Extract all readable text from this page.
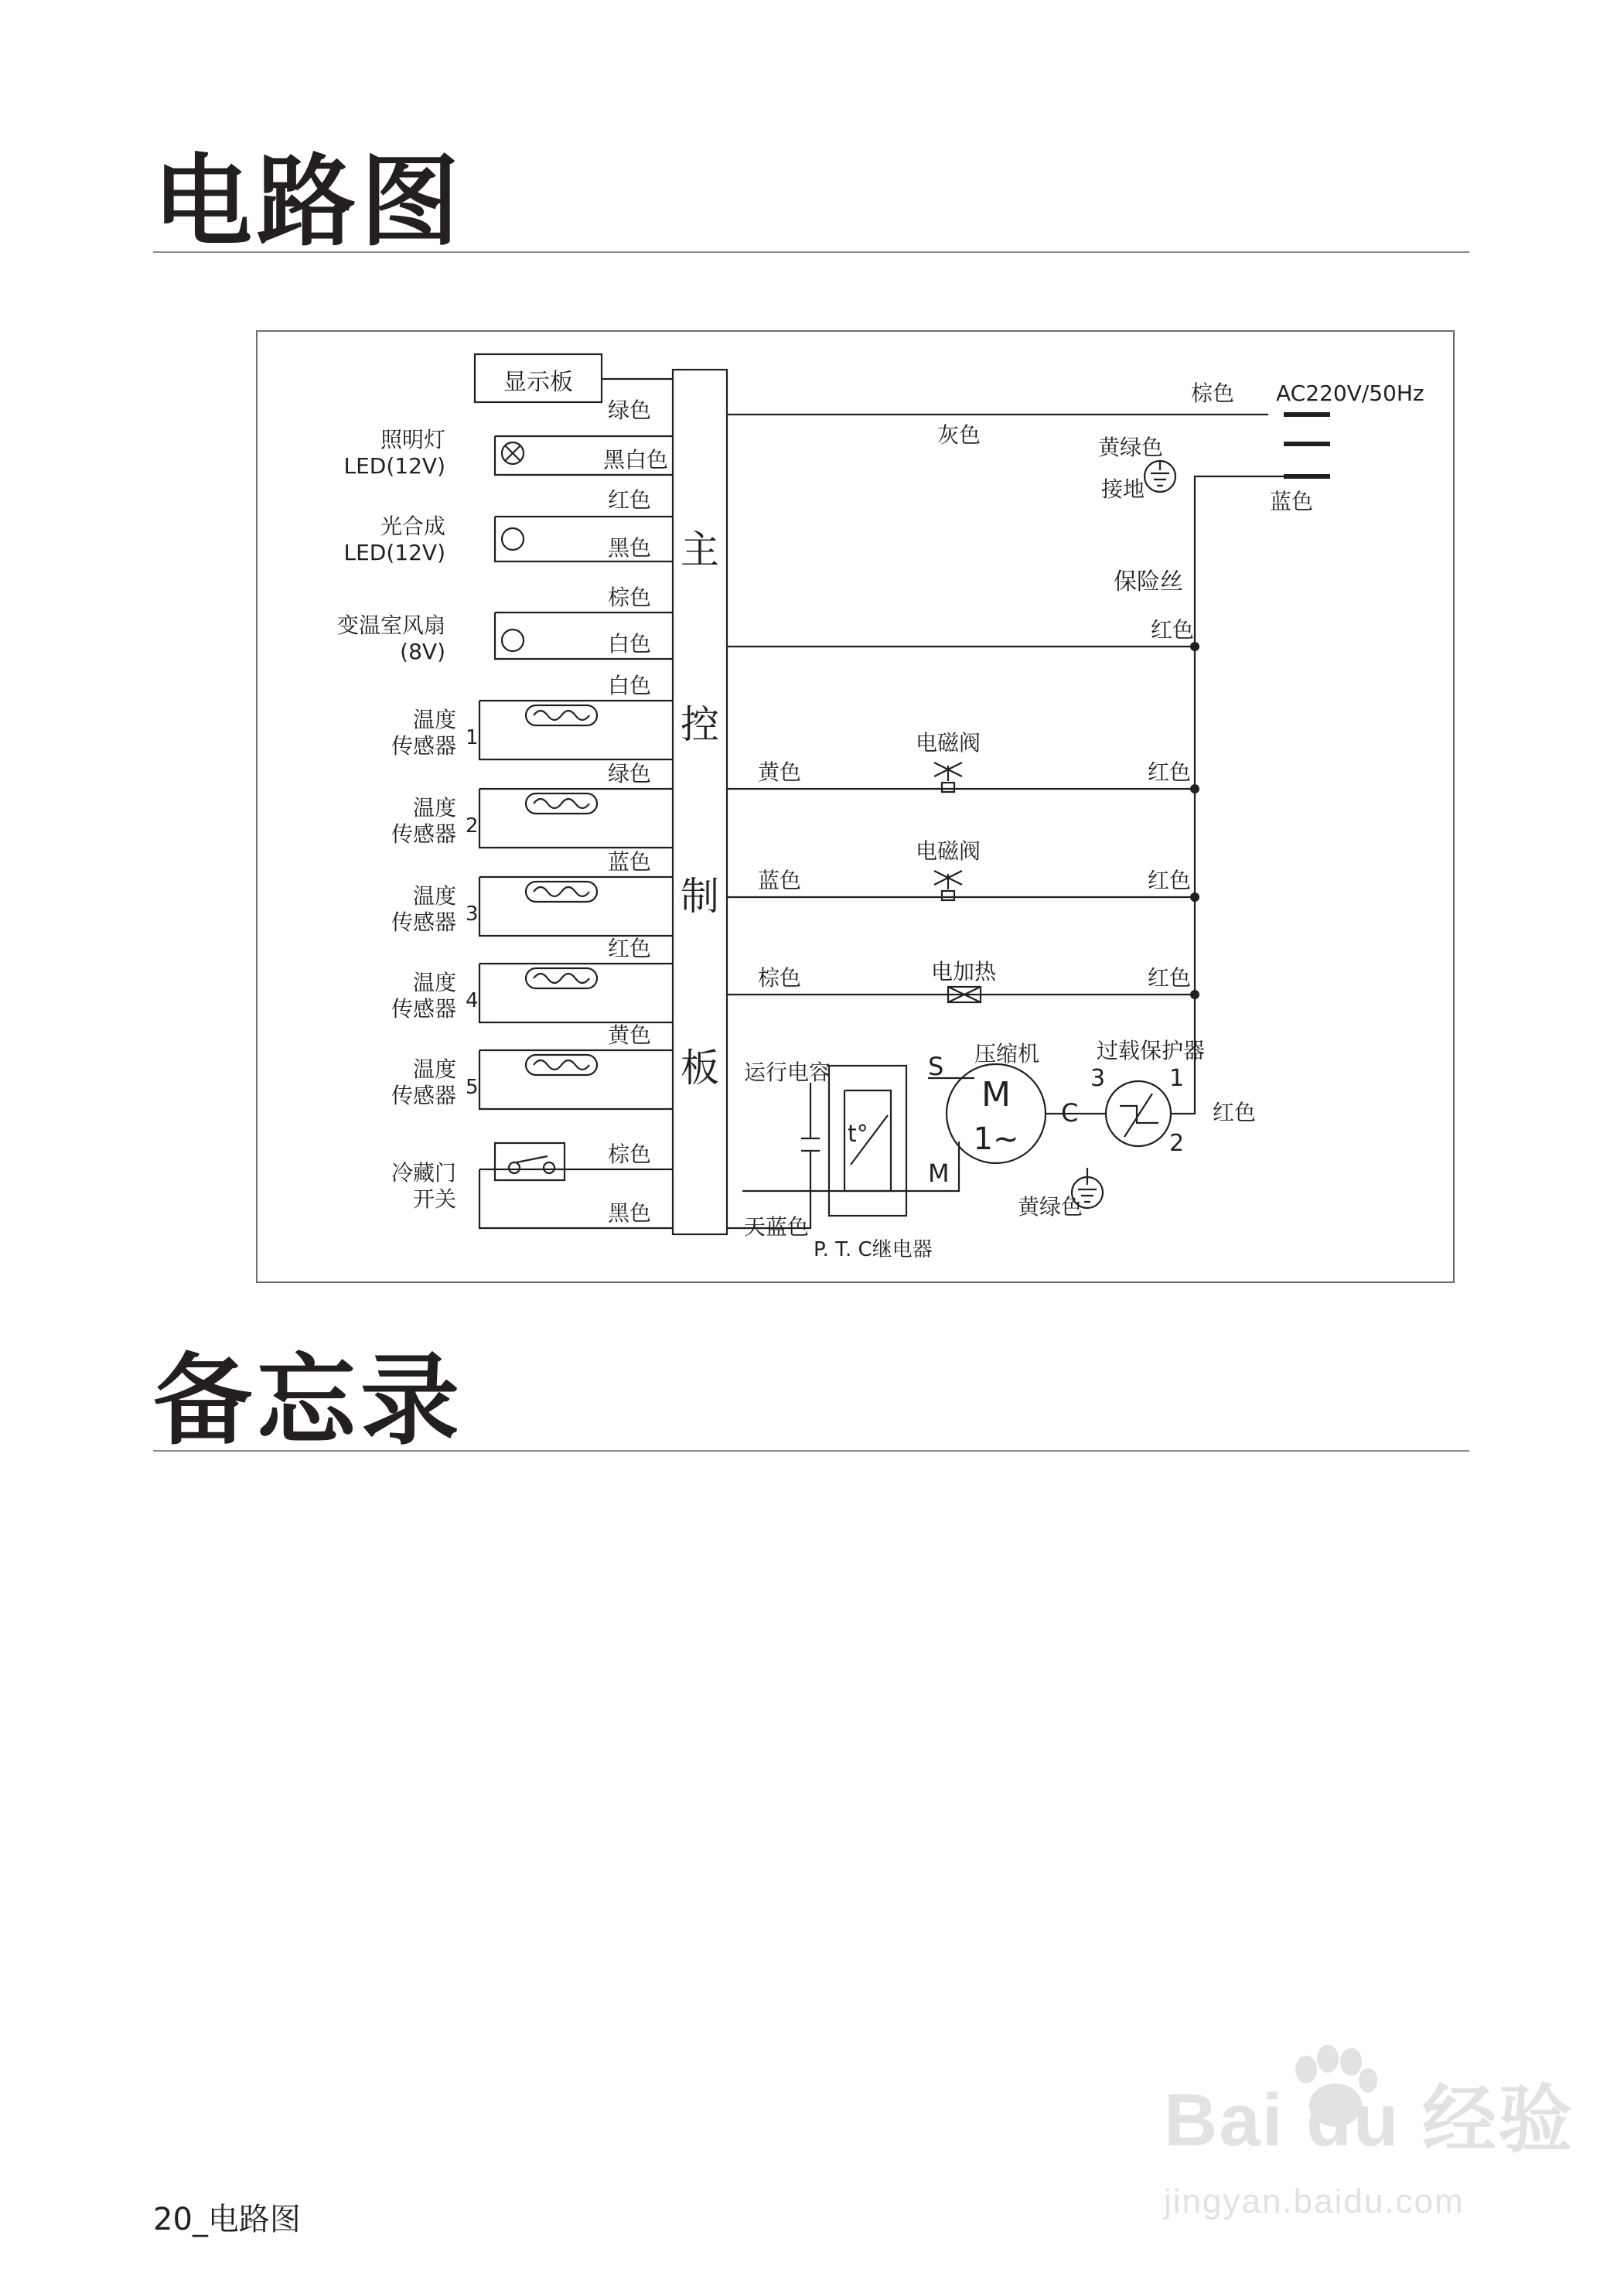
电路图
显示板
主
控
制
板
照明灯
LED(12V)
光合成
LED(12V)
变温室风扇
(8V)
温度
传感器 1
温度
传感器 2
温度
传感器 3
温度
传感器 4
温度
传感器 5
冷藏门
开关
绿色
黑白色
红色
黑色
棕色
白色
白色
绿色
蓝色
红色
黄色
棕色
黑色
棕色 AC220V/50Hz
灰色	黄绿色
接地	蓝色
保险丝
红色
电磁阀
黄色	红色
电磁阀
蓝色	红色
电加热
棕色	红色
过载保护器
红色
运行电容
压缩机
M
1~
S
C
M
t°
3	1
2
天蓝色
P. T. C继电器
黄绿色
备忘录
Bai du 经验
jingyan.baidu.com
20_电路图
